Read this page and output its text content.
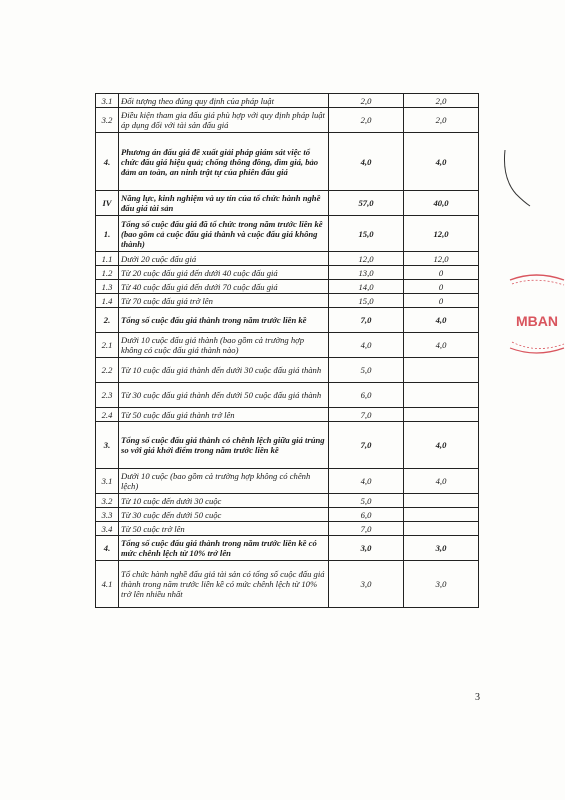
3.1	Đối tượng theo đúng quy định của pháp luật	2,0	2,0
3.2	Điều kiện tham gia đấu giá phù hợp với quy định pháp luật áp dụng đối với tài sản đấu giá	2,0	2,0
4.	Phương án đấu giá đề xuất giải pháp giám sát việc tổ chức đấu giá hiệu quả; chống thông đồng, dìm giá, bảo đảm an toàn, an ninh trật tự của phiên đấu giá	4,0	4,0
IV	Năng lực, kinh nghiệm và uy tín của tổ chức hành nghề đấu giá tài sản	57,0	40,0
1.	Tổng số cuộc đấu giá đã tổ chức trong năm trước liền kề (bao gồm cả cuộc đấu giá thành và cuộc đấu giá không thành)	15,0	12,0
1.1	Dưới 20 cuộc đấu giá	12,0	12,0
1.2	Từ 20 cuộc đấu giá đến dưới 40 cuộc đấu giá	13,0	0
1.3	Từ 40 cuộc đấu giá đến dưới 70 cuộc đấu giá	14,0	0
1.4	Từ 70 cuộc đấu giá trở lên	15,0	0
2.	Tổng số cuộc đấu giá thành trong năm trước liền kề	7,0	4,0
2.1	Dưới 10 cuộc đấu giá thành (bao gồm cả trường hợp không có cuộc đấu giá thành nào)	4,0	4,0
2.2	Từ 10 cuộc đấu giá thành đến dưới 30 cuộc đấu giá thành	5,0	
2.3	Từ 30 cuộc đấu giá thành đến dưới 50 cuộc đấu giá thành	6,0	
2.4	Từ 50 cuộc đấu giá thành trở lên	7,0	
3.	Tổng số cuộc đấu giá thành có chênh lệch giữa giá trúng so với giá khởi điểm trong năm trước liền kề	7,0	4,0
3.1	Dưới 10 cuộc (bao gồm cả trường hợp không có chênh lệch)	4,0	4,0
3.2	Từ 10 cuộc đến dưới 30 cuộc	5,0	
3.3	Từ 30 cuộc đến dưới 50 cuộc	6,0	
3.4	Từ 50 cuộc trở lên	7,0	
4.	Tổng số cuộc đấu giá thành trong năm trước liền kề có mức chênh lệch từ 10% trở lên	3,0	3,0
4.1	Tổ chức hành nghề đấu giá tài sản có tổng số cuộc đấu giá thành trong năm trước liền kề có mức chênh lệch từ 10% trở lên nhiều nhất	3,0	3,0
MBAN
3
